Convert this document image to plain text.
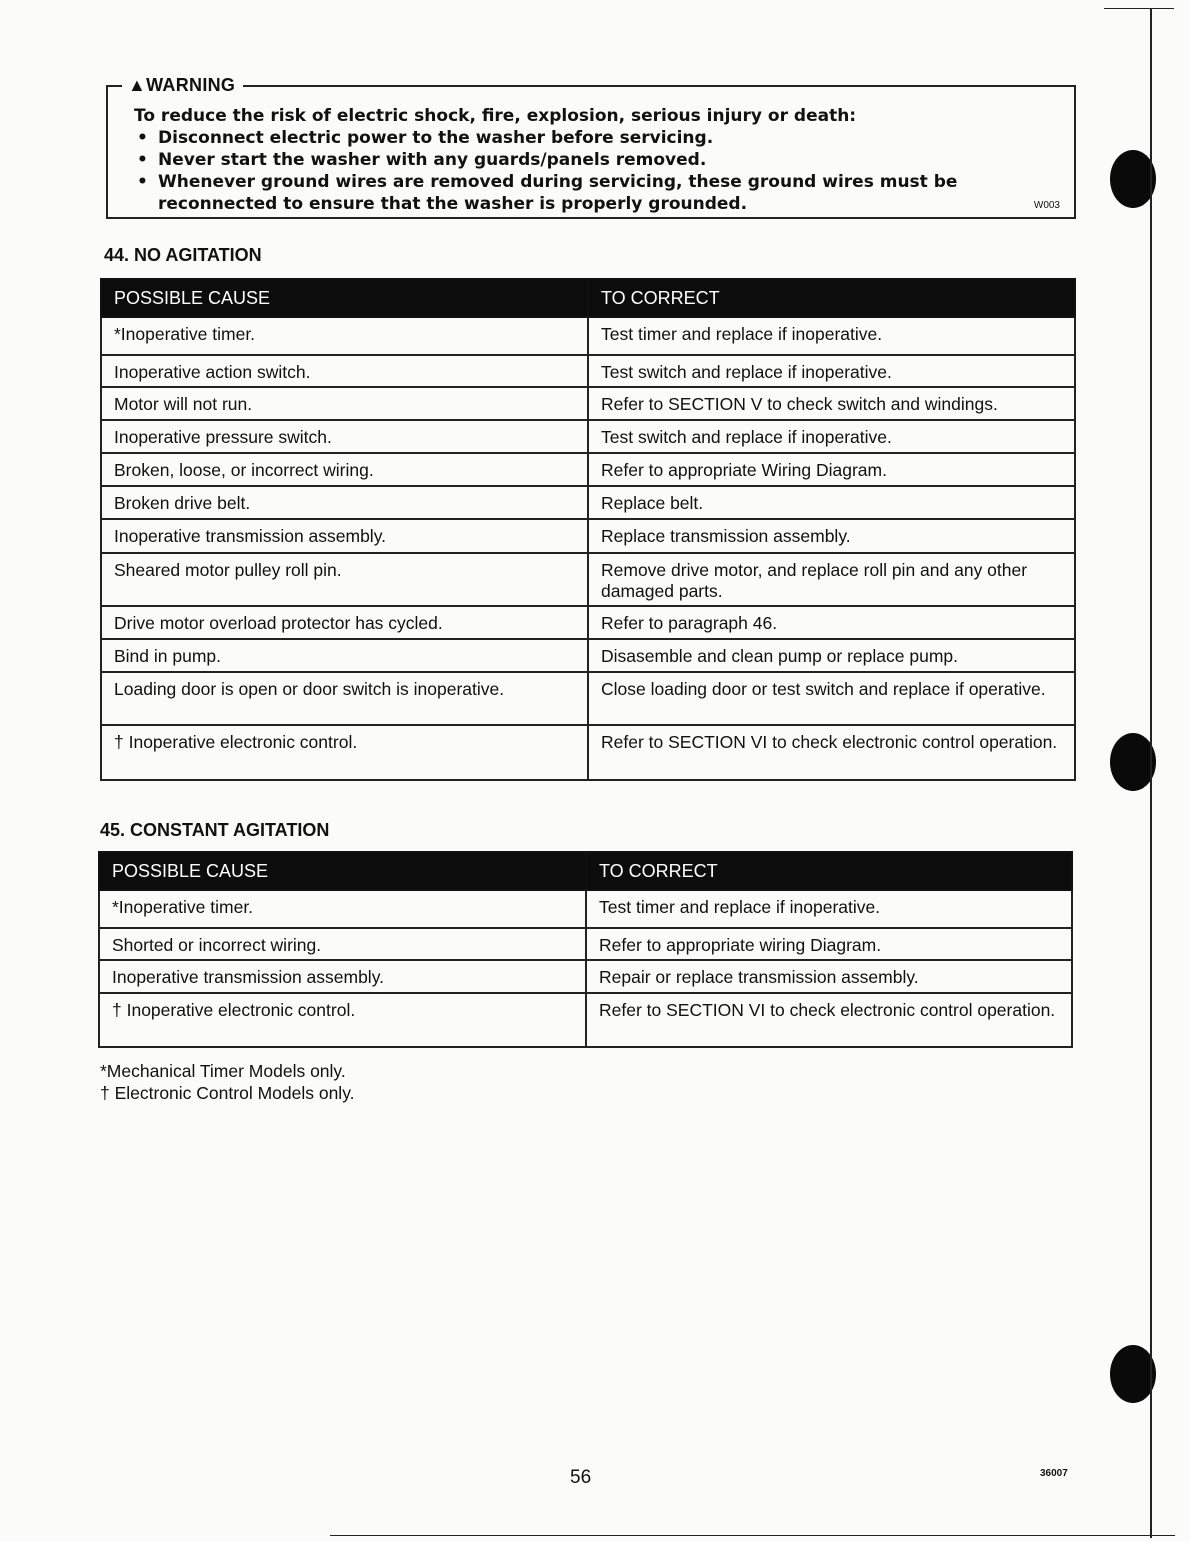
▲WARNING
To reduce the risk of electric shock, fire, explosion, serious injury or death:
• Disconnect electric power to the washer before servicing.
• Never start the washer with any guards/panels removed.
• Whenever ground wires are removed during servicing, these ground wires must be reconnected to ensure that the washer is properly grounded.	W003
44. NO AGITATION
POSSIBLE CAUSE	TO CORRECT
*Inoperative timer.	Test timer and replace if inoperative.
Inoperative action switch.	Test switch and replace if inoperative.
Motor will not run.	Refer to SECTION V to check switch and windings.
Inoperative pressure switch.	Test switch and replace if inoperative.
Broken, loose, or incorrect wiring.	Refer to appropriate Wiring Diagram.
Broken drive belt.	Replace belt.
Inoperative transmission assembly.	Replace transmission assembly.
Sheared motor pulley roll pin.	Remove drive motor, and replace roll pin and any other damaged parts.
Drive motor overload protector has cycled.	Refer to paragraph 46.
Bind in pump.	Disasemble and clean pump or replace pump.
Loading door is open or door switch is inoperative.	Close loading door or test switch and replace if operative.
† Inoperative electronic control.	Refer to SECTION VI to check electronic control operation.
45. CONSTANT AGITATION
POSSIBLE CAUSE	TO CORRECT
*Inoperative timer.	Test timer and replace if inoperative.
Shorted or incorrect wiring.	Refer to appropriate wiring Diagram.
Inoperative transmission assembly.	Repair or replace transmission assembly.
† Inoperative electronic control.	Refer to SECTION VI to check electronic control operation.
*Mechanical Timer Models only.
† Electronic Control Models only.
56	36007
